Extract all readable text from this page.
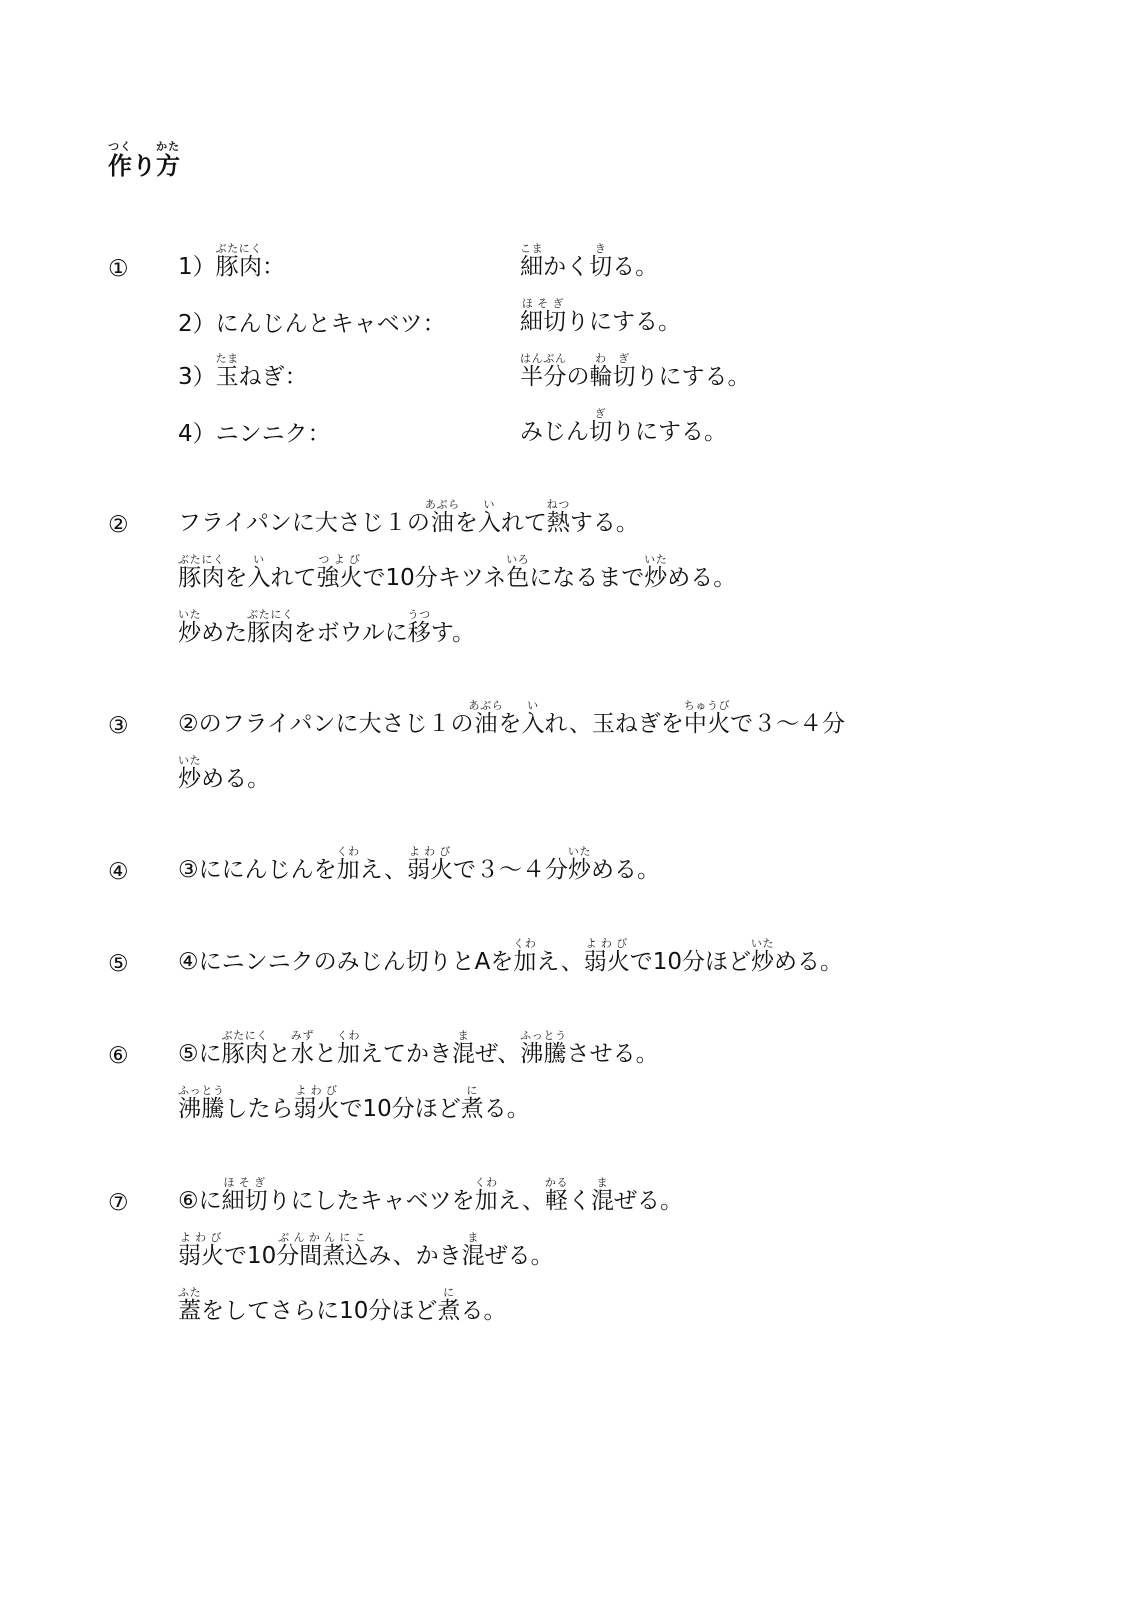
作つくり方かた
① 1）豚肉ぶたにく：	細こまかく切きる。
2）にんじんとキャベツ：	細切ほそぎりにする。
3）玉たまねぎ：	半分はんぶんの輪切わぎりにする。
4）ニンニク：	みじん切ぎりにする。
② フライパンに大さじ１の油あぶらを入いれて熱ねつする。
豚肉ぶたにくを入いれて強火つよびで10分キツネ色いろになるまで炒いためる。
炒いためた豚肉ぶたにくをボウルに移うつす。
③ ②のフライパンに大さじ１の油あぶらを入いれ、玉ねぎを中火ちゅうびで３～４分
炒いためる。
④ ③ににんじんを加くわえ、弱火よわびで３～４分炒いためる。
⑤ ④にニンニクのみじん切りとAを加くわえ、弱火よわびで10分ほど炒いためる。
⑥ ⑤に豚肉ぶたにくと水みずと加くわえてかき混まぜ、沸騰ふっとうさせる。
沸騰ふっとうしたら弱火よわびで10分ほど煮にる。
⑦ ⑥に細切ほそぎりにしたキャベツを加くわえ、軽かるく混まぜる。
弱火よわびで10分間煮込ぶんかんにこみ、かき混まぜる。
蓋ふたをしてさらに10分ほど煮にる。
